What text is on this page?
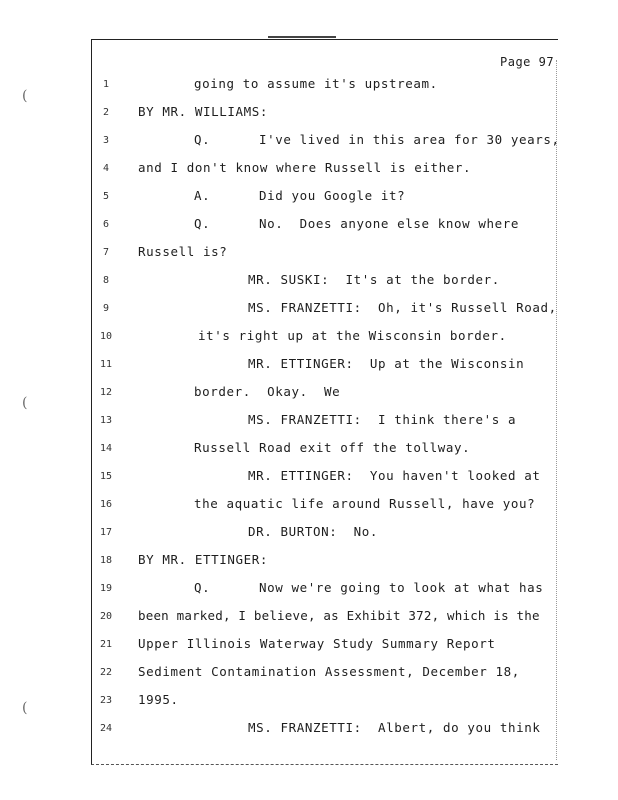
Page 97
(
(
(
1	going to assume it's upstream.
2	BY MR. WILLIAMS:
3	Q.      I've lived in this area for 30 years,
4	and I don't know where Russell is either.
5	A.      Did you Google it?
6	Q.      No.  Does anyone else know where
7	Russell is?
8	MR. SUSKI:  It's at the border.
9	MS. FRANZETTI:  Oh, it's Russell Road,
10	it's right up at the Wisconsin border.
11	MR. ETTINGER:  Up at the Wisconsin
12	border.  Okay.  We
13	MS. FRANZETTI:  I think there's a
14	Russell Road exit off the tollway.
15	MR. ETTINGER:  You haven't looked at
16	the aquatic life around Russell, have you?
17	DR. BURTON:  No.
18	BY MR. ETTINGER:
19	Q.      Now we're going to look at what has
20	been marked, I believe, as Exhibit 372, which is the
21	Upper Illinois Waterway Study Summary Report
22	Sediment Contamination Assessment, December 18,
23	1995.
24	MS. FRANZETTI:  Albert, do you think
